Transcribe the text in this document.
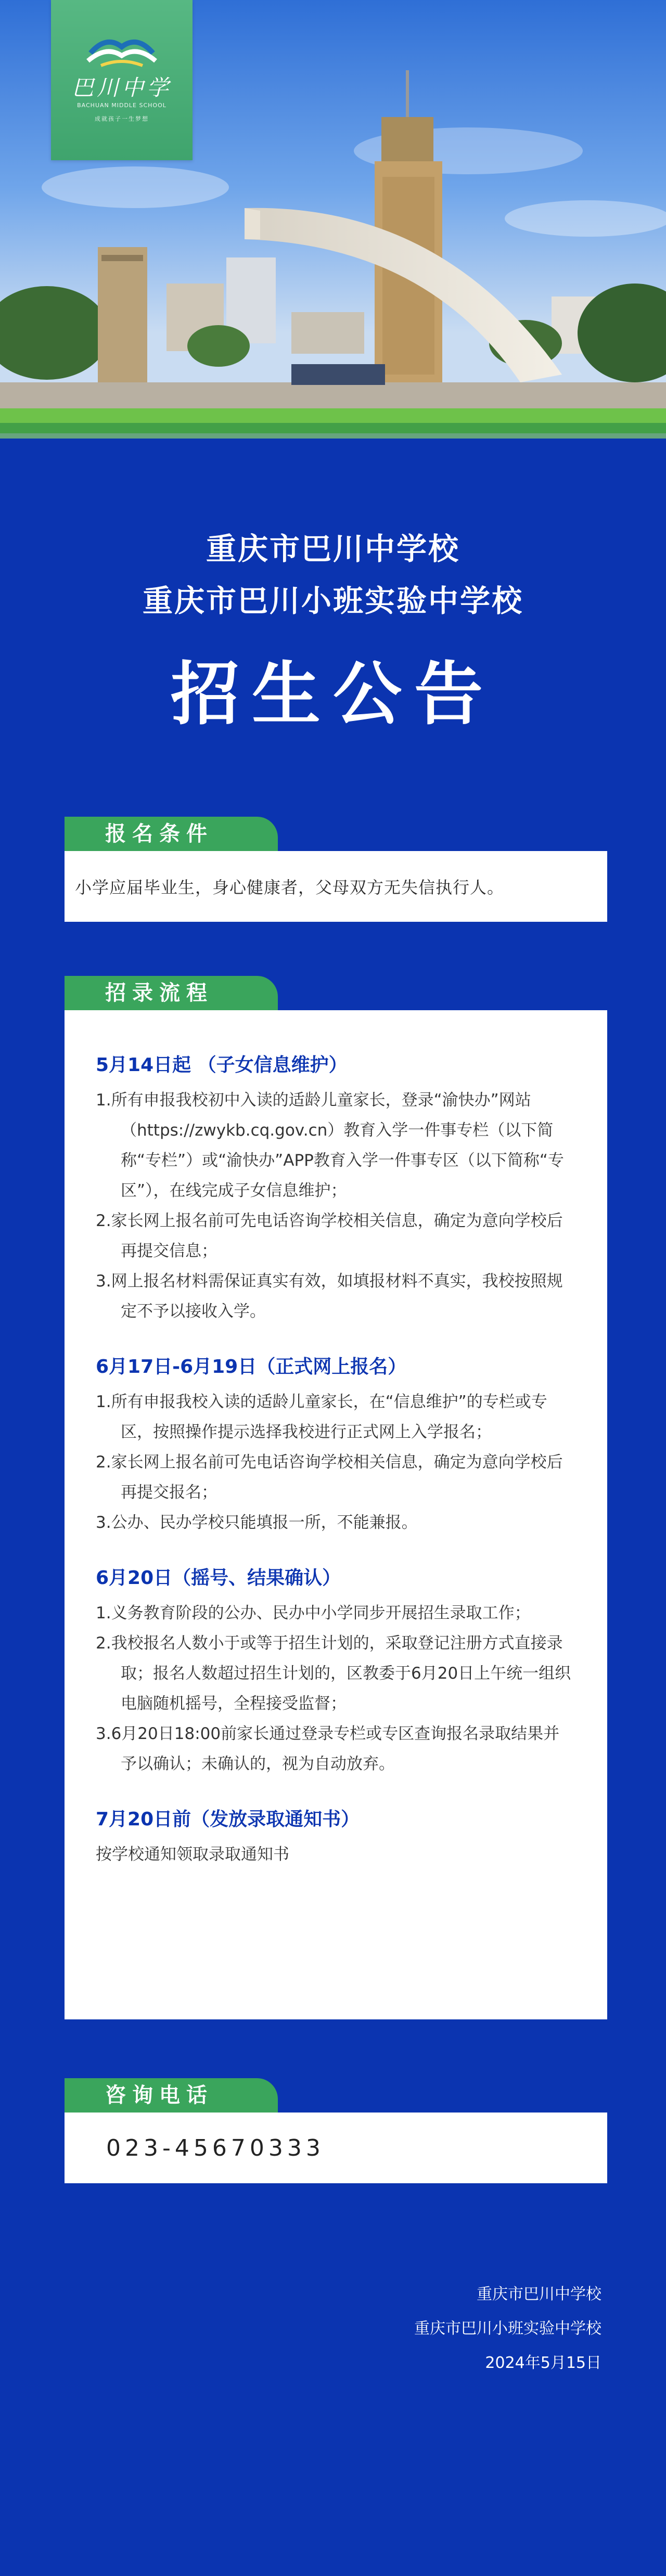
巴川中学
BACHUAN MIDDLE SCHOOL
成就孩子一生梦想
重庆市巴川中学校
重庆市巴川小班实验中学校
招生公告
报名条件
小学应届毕业生，身心健康者，父母双方无失信执行人。
招录流程
5月14日起 （子女信息维护）
1.所有申报我校初中入读的适龄儿童家长，登录“渝快办”网站（https://zwykb.cq.gov.cn）教育入学一件事专栏（以下简称“专栏”）或“渝快办”APP教育入学一件事专区（以下简称“专区”），在线完成子女信息维护；
2.家长网上报名前可先电话咨询学校相关信息，确定为意向学校后再提交信息；
3.网上报名材料需保证真实有效，如填报材料不真实，我校按照规定不予以接收入学。
6月17日-6月19日（正式网上报名）
1.所有申报我校入读的适龄儿童家长，在“信息维护”的专栏或专区，按照操作提示选择我校进行正式网上入学报名；
2.家长网上报名前可先电话咨询学校相关信息，确定为意向学校后再提交报名；
3.公办、民办学校只能填报一所，不能兼报。
6月20日（摇号、结果确认）
1.义务教育阶段的公办、民办中小学同步开展招生录取工作；
2.我校报名人数小于或等于招生计划的，采取登记注册方式直接录取；报名人数超过招生计划的，区教委于6月20日上午统一组织电脑随机摇号，全程接受监督；
3.6月20日18:00前家长通过登录专栏或专区查询报名录取结果并予以确认；未确认的，视为自动放弃。
7月20日前（发放录取通知书）
按学校通知领取录取通知书
咨询电话
023-45670333
重庆市巴川中学校
重庆市巴川小班实验中学校
2024年5月15日
